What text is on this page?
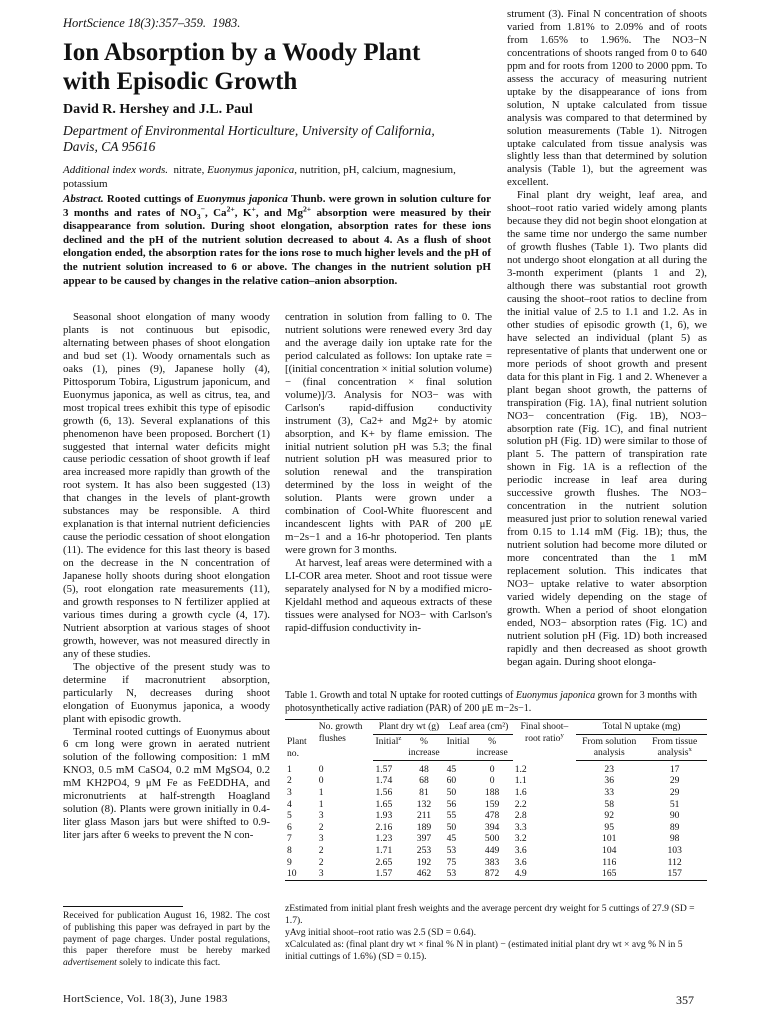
HortScience 18(3):357–359. 1983.
Ion Absorption by a Woody Plant
with Episodic Growth
David R. Hershey and J.L. Paul
Department of Environmental Horticulture, University of California,
Davis, CA 95616
Additional index words. nitrate, Euonymus japonica, nutrition, pH, calcium, magnesium, potassium
Abstract. Rooted cuttings of Euonymus japonica Thunb. were grown in solution culture for 3 months and rates of $NO_3^-$, $Ca^{2+}$, K+, and $Mg^{2+}$ absorption were measured by their disappearance from solution. During shoot elongation, absorption rates for these ions declined and the pH of the nutrient solution decreased to about 4. As a flush of shoot elongation ended, the absorption rates for the ions rose to much higher levels and the pH of the nutrient solution increased to 6 or above. The changes in the nutrient solution pH appear to be caused by changes in the relative cation–anion absorption.

Seasonal shoot elongation of many woody plants is not continuous but episodic, alternating between phases of shoot elongation and bud set (1). Woody ornamentals such as oaks (1), pines (9), Japanese holly (4), Pittosporum Tobira, Ligustrum japonicum, and Euonymus japonica, as well as citrus, tea, and most tropical trees exhibit this type of episodic growth (6, 13). Several explanations of this phenomenon have been proposed. Borchert (1) suggested that internal water deficits might cause periodic cessation of shoot growth if leaf area increased more rapidly than growth of the root system. It has also been suggested (13) that changes in the levels of plant-growth substances may be responsible. A third explanation is that internal nutrient deficiencies cause the periodic cessation of shoot elongation (11). The evidence for this last theory is based on the decrease in the N concentration of Japanese holly shoots during shoot elongation (5), root elongation rate measurements (11), and growth responses to N fertilizer applied at various times during a growth cycle (4, 17). Nutrient absorption at various stages of shoot growth, however, was not measured directly in any of these studies.

The objective of the present study was to determine if macronutrient absorption, particularly N, decreases during shoot elongation of Euonymus japonica, a woody plant with episodic growth.

Terminal rooted cuttings of Euonymus about 6 cm long were grown in aerated nutrient solution of the following composition: 1 mM KNO3, 0.5 mM CaSO4, 0.2 mM MgSO4, 0.2 mM KH2PO4, 9 μM Fe as FeEDDHA, and micronutrients at half-strength Hoagland solution (8). Plants were grown initially in 0.4-liter glass Mason jars but were shifted to 0.9-liter jars after 6 weeks to prevent the N con-

Received for publication August 16, 1982. The cost of publishing this paper was defrayed in part by the payment of page charges. Under postal regulations, this paper therefore must be hereby marked advertisement solely to indicate this fact.

centration in solution from falling to 0. The nutrient solutions were renewed every 3rd day and the average daily ion uptake rate for the period calculated as follows: Ion uptake rate = [(initial concentration × initial solution volume) − (final concentration × final solution volume)]/3. Analysis for NO3− was with Carlson's rapid-diffusion conductivity instrument (3), Ca2+ and Mg2+ by atomic absorption, and K+ by flame emission. The initial nutrient solution pH was 5.3; the final nutrient solution pH was measured prior to solution renewal and the transpiration determined by the loss in weight of the solution. Plants were grown under a combination of Cool-White fluorescent and incandescent lights with PAR of 200 μE m−2s−1 and a 16-hr photoperiod. Ten plants were grown for 3 months.

At harvest, leaf areas were determined with a LI-COR area meter. Shoot and root tissue were separately analysed for N by a modified micro-Kjeldahl method and aqueous extracts of these tissues were analysed for NO3− with Carlson's rapid-diffusion conductivity in-

strument (3). Final N concentration of shoots varied from 1.81% to 2.09% and of roots from 1.65% to 1.96%. The NO3−N concentrations of shoots ranged from 0 to 640 ppm and for roots from 1200 to 2000 ppm. To assess the accuracy of measuring nutrient uptake by the disappearance of ions from solution, N uptake calculated from tissue analysis was compared to that determined by solution measurements (Table 1). Nitrogen uptake calculated from tissue analysis was slightly less than that determined by solution analysis (Table 1), but the agreement was excellent.

Final plant dry weight, leaf area, and shoot–root ratio varied widely among plants because they did not begin shoot elongation at the same time nor undergo the same number of growth flushes (Table 1). Two plants did not undergo shoot elongation at all during the 3-month experiment (plants 1 and 2), although there was substantial root growth causing the shoot–root ratios to decline from the initial value of 2.5 to 1.1 and 1.2. As in other studies of episodic growth (1, 6), we have selected an individual (plant 5) as representative of plants that underwent one or more periods of shoot growth and present data for this plant in Fig. 1 and 2. Whenever a plant began shoot growth, the patterns of transpiration (Fig. 1A), final nutrient solution NO3− concentration (Fig. 1B), NO3− absorption rate (Fig. 1C), and final nutrient solution pH (Fig. 1D) were similar to those of plant 5. The pattern of transpiration rate shown in Fig. 1A is a reflection of the periodic increase in leaf area during successive growth flushes. The NO3− concentration in the nutrient solution measured just prior to solution renewal varied from 0.15 to 1.14 mM (Fig. 1B); thus, the nutrient solution had become more diluted or more concentrated than the 1 mM replacement solution. This indicates that NO3− uptake relative to water absorption varied widely depending on the stage of growth. When a period of shoot elongation ended, NO3− absorption rates (Fig. 1C) and nutrient solution pH (Fig. 1D) both increased rapidly and then decreased as shoot growth began again. During shoot elonga-

Table 1. Growth and total N uptake for rooted cuttings of Euonymus japonica grown for 3 months with photosynthetically active radiation (PAR) of 200 μE m−2s−1.
Plant no.	No. growth flushes	Plant dry wt (g)		Leaf area (cm²)		Final shoot–root ratio$^y$	Total N uptake (mg)	
		Initial$^z$	% increase	Initial	% increase		From solution analysis	From tissue analysis$^x$
1	0	1.57	48	45	0	1.2	23	17
2	0	1.74	68	60	0	1.1	36	29
3	1	1.56	81	50	188	1.6	33	29
4	1	1.65	132	56	159	2.2	58	51
5	3	1.93	211	55	478	2.8	92	90
6	2	2.16	189	50	394	3.3	95	89
7	3	1.23	397	45	500	3.2	101	98
8	2	1.71	253	53	449	3.6	104	103
9	2	2.65	192	75	383	3.6	116	112
10	3	1.57	462	53	872	4.9	165	157

zEstimated from initial plant fresh weights and the average percent dry weight for 5 cuttings of 27.9 (SD = 1.7).

yAvg initial shoot–root ratio was 2.5 (SD = 0.64).

xCalculated as: (final plant dry wt × final % N in plant) − (estimated initial plant dry wt × avg % N in 5 initial cuttings of 1.6%) (SD = 0.15).

HortScience, Vol. 18(3), June 1983	357
